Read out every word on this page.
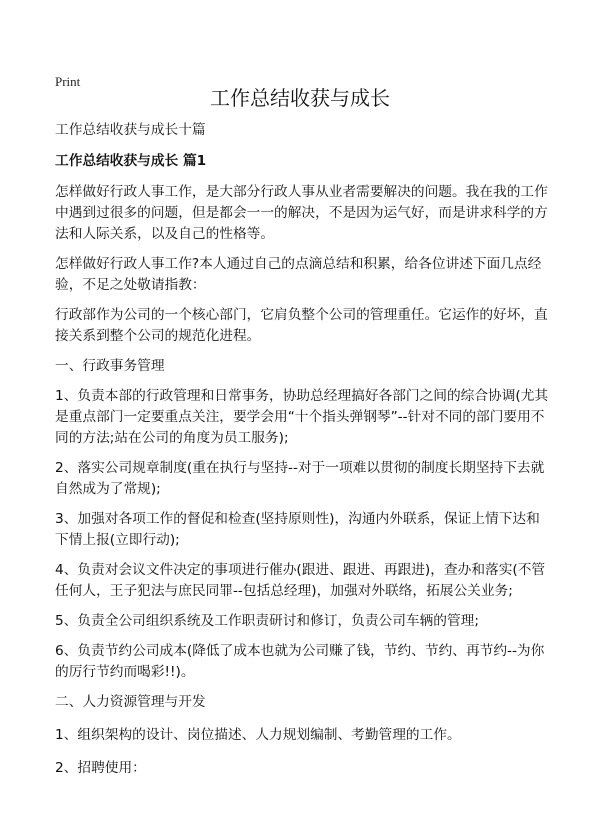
Print
工作总结收获与成长

工作总结收获与成长十篇

工作总结收获与成长 篇1

怎样做好行政人事工作，是大部分行政人事从业者需要解决的问题。我在我的工作中遇到过很多的问题，但是都会一一的解决，不是因为运气好，而是讲求科学的方法和人际关系，以及自己的性格等。

怎样做好行政人事工作?本人通过自己的点滴总结和积累，给各位讲述下面几点经验，不足之处敬请指教：

行政部作为公司的一个核心部门，它肩负整个公司的管理重任。它运作的好坏，直接关系到整个公司的规范化进程。

一、行政事务管理

1、负责本部的行政管理和日常事务，协助总经理搞好各部门之间的综合协调(尤其是重点部门一定要重点关注，要学会用“十个指头弹钢琴”--针对不同的部门要用不同的方法;站在公司的角度为员工服务);

2、落实公司规章制度(重在执行与坚持--对于一项难以贯彻的制度长期坚持下去就自然成为了常规);

3、加强对各项工作的督促和检查(坚持原则性)，沟通内外联系，保证上情下达和下情上报(立即行动);

4、负责对会议文件决定的事项进行催办(跟进、跟进、再跟进)，查办和落实(不管任何人，王子犯法与庶民同罪--包括总经理)，加强对外联络，拓展公关业务;

5、负责全公司组织系统及工作职责研讨和修订，负责公司车辆的管理;

6、负责节约公司成本(降低了成本也就为公司赚了钱，节约、节约、再节约--为你的厉行节约而喝彩!!)。

二、人力资源管理与开发

1、组织架构的设计、岗位描述、人力规划编制、考勤管理的工作。

2、招聘使用：
